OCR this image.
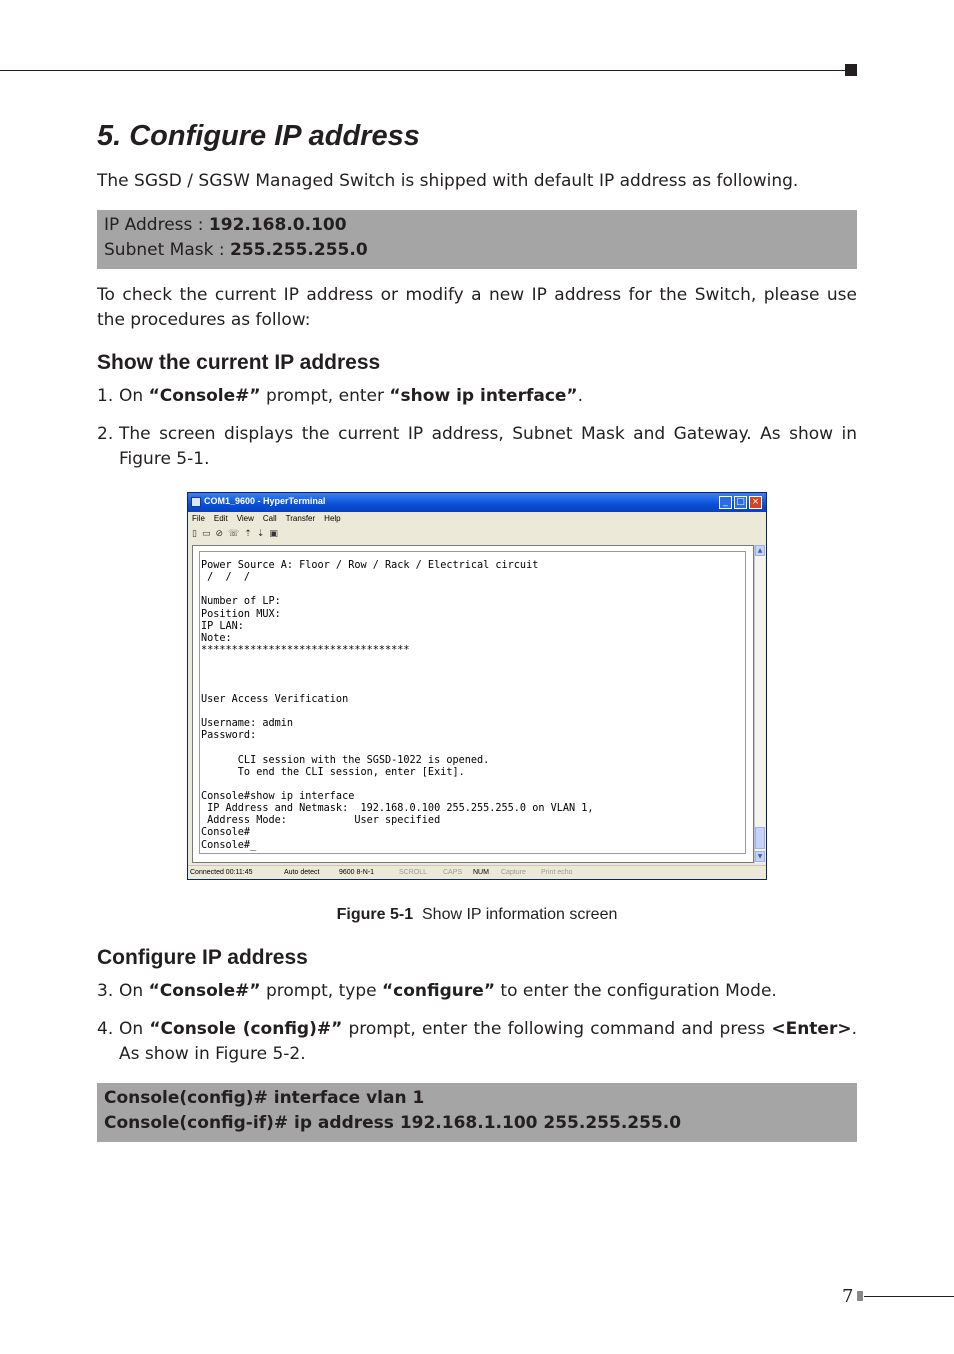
5. Configure IP address

The SGSD / SGSW Managed Switch is shipped with default IP address as following.

IP Address : 192.168.0.100
Subnet Mask : 255.255.255.0

To check the current IP address or modify a new IP address for the Switch, please use the procedures as follow:

Show the current IP address
1. On “Console#” prompt, enter “show ip interface”.
2. The screen displays the current IP address, Subnet Mask and Gateway. As show in Figure 5-1.
COM1_9600 - HyperTerminal	_ □ ×
File Edit View Call Transfer Help
▯ ▭ ⊘ ☏ ⇡ ⇣ ▣
Power Source A: Floor / Row / Rack / Electrical circuit
/  /  /

Number of LP:
Position MUX:
IP LAN:
Note:
**********************************

User Access Verification

Username: admin
Password:

CLI session with the SGSD-1022 is opened.
To end the CLI session, enter [Exit].

Console#show ip interface
IP Address and Netmask:  192.168.0.100 255.255.255.0 on VLAN 1,
Address Mode:           User specified
Console#
Console#_
▲
▼
Connected 00:11:45	Auto detect	9600 8-N-1	SCROLL CAPS NUM Capture Print echo
Figure 5-1 Show IP information screen
Configure IP address
3. On “Console#” prompt, type “configure” to enter the configuration Mode.
4. On “Console (config)#” prompt, enter the following command and press <Enter>. As show in Figure 5-2.
Console(config)# interface vlan 1
Console(config-if)# ip address 192.168.1.100 255.255.255.0
7
